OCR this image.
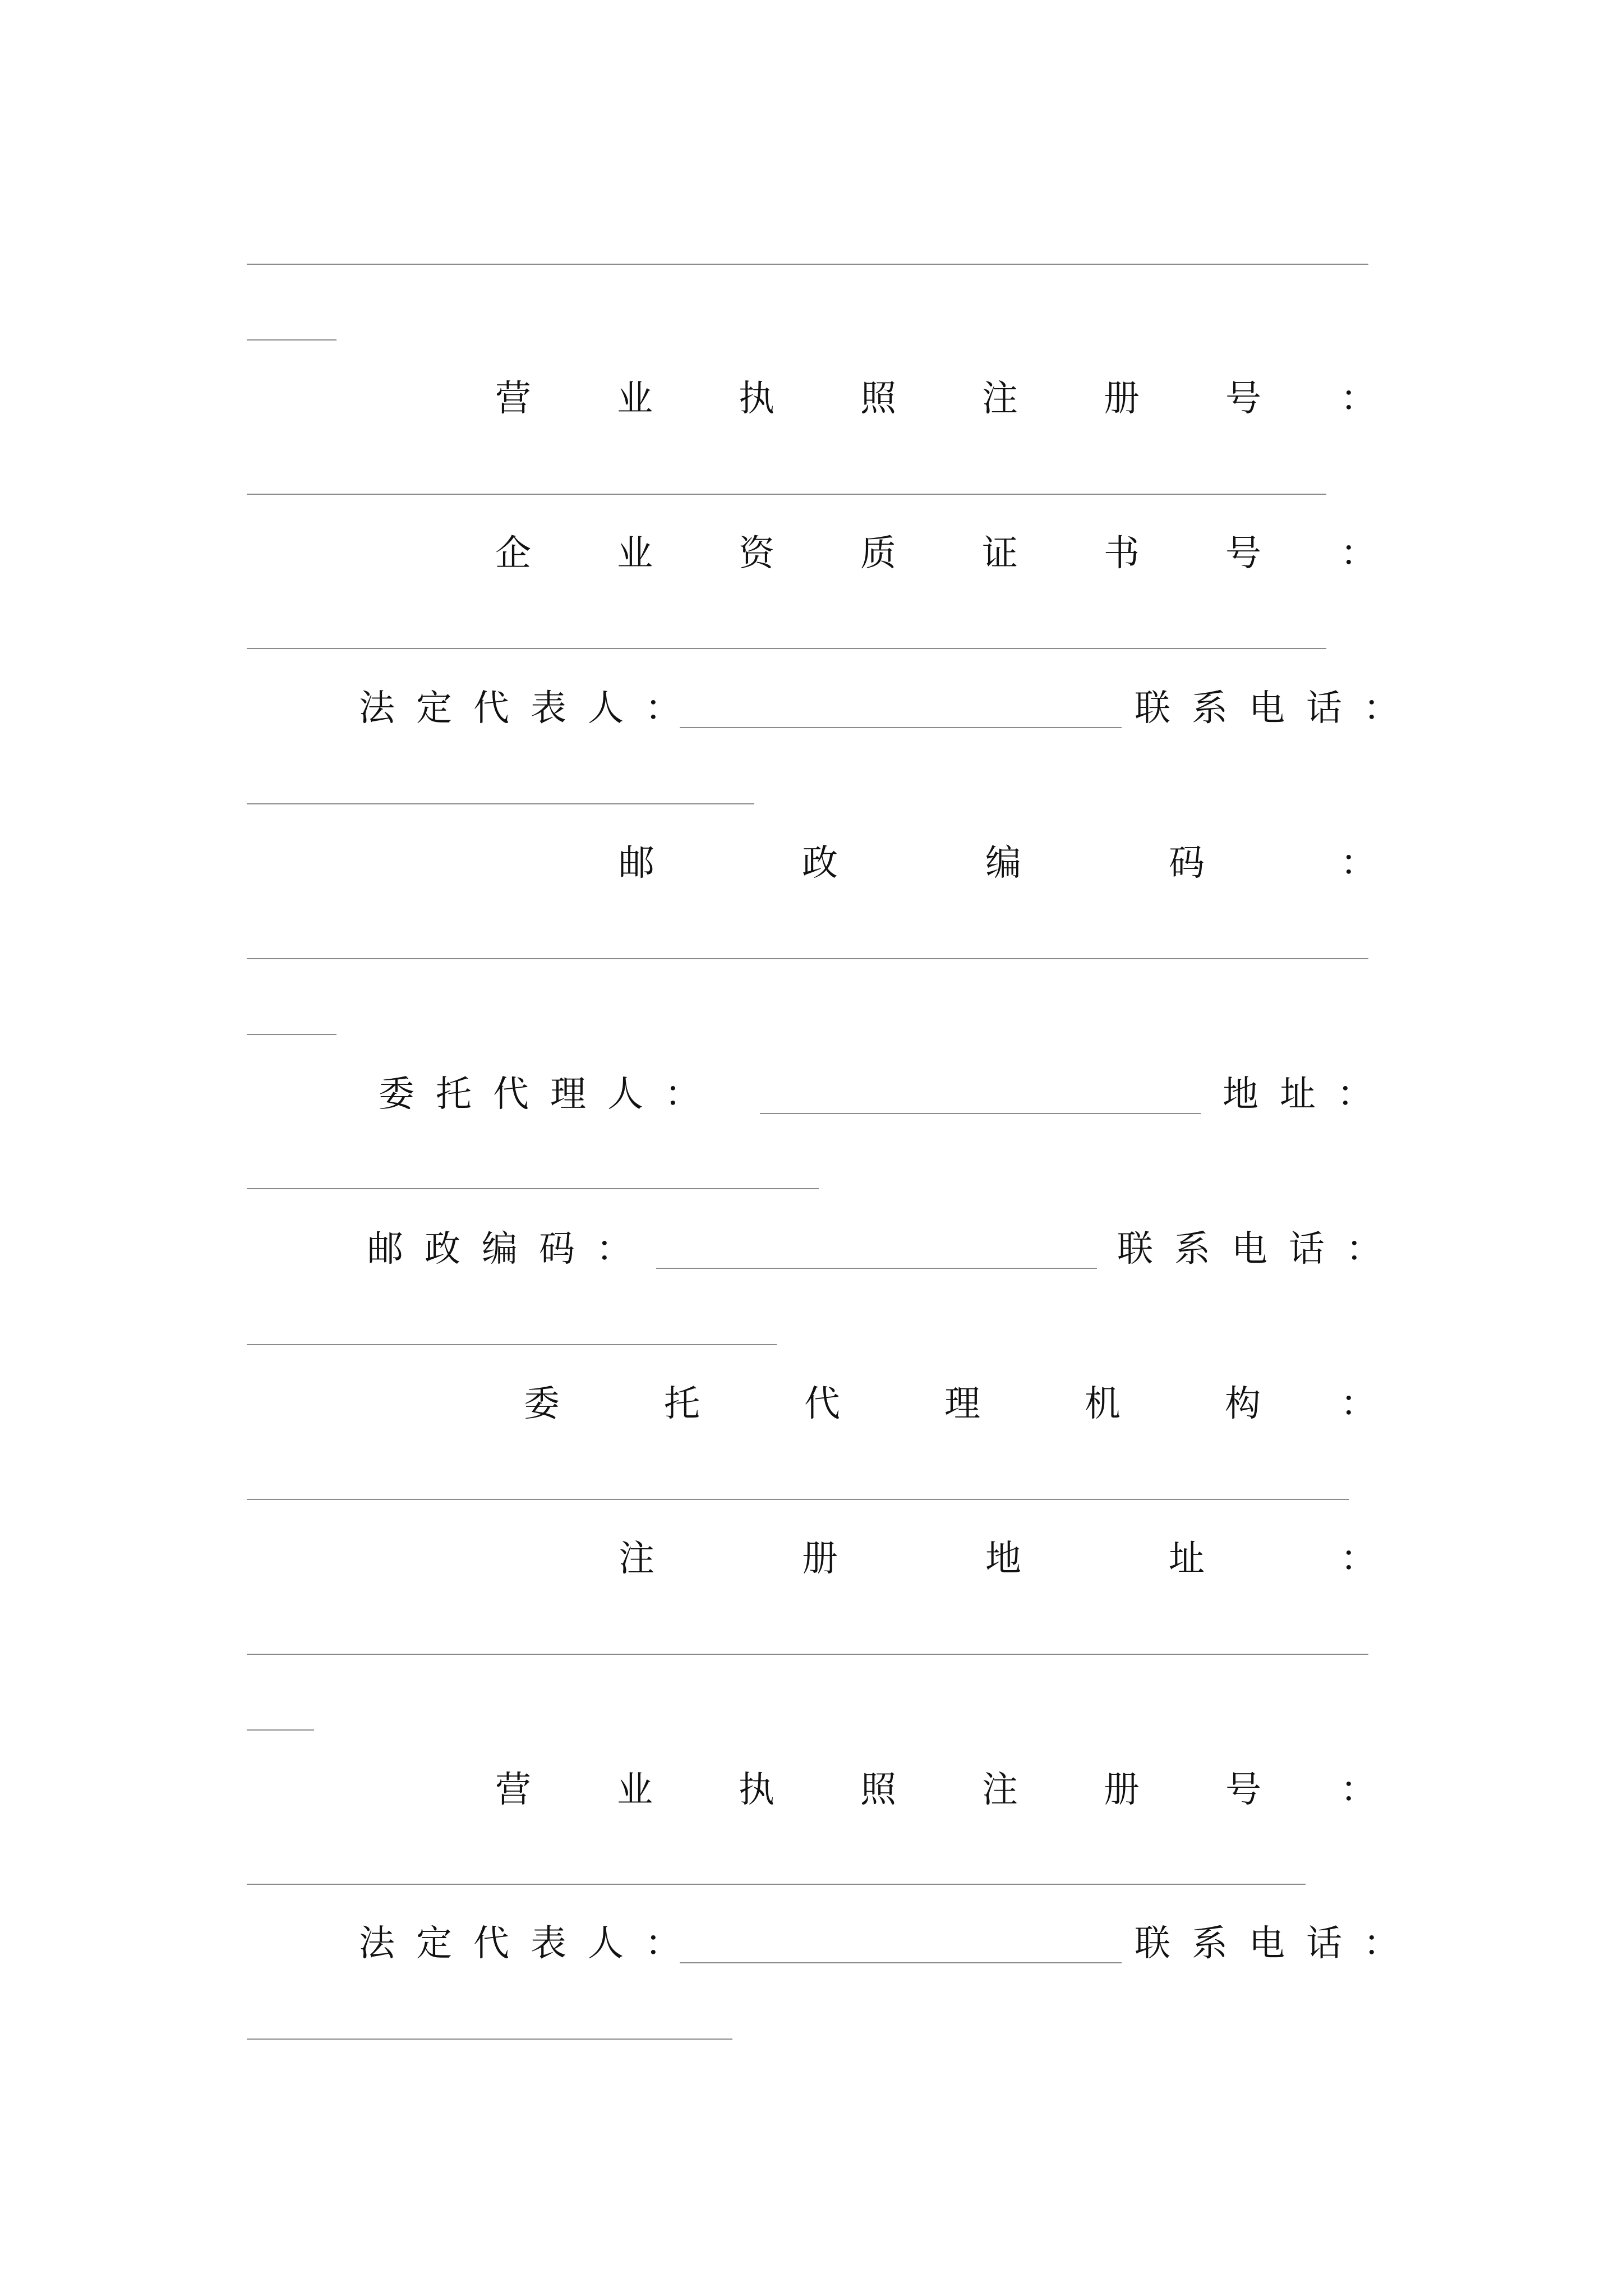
营 业 执 照 注 册 号 ：
企 业 资 质 证 书 号 ：
法定代表人：	联系电话：
邮	政	编	码	：
委托代理人：	地址：
邮政编码：	联系电话：
委	托	代	理	机	构 ：
注	册	地	址	：
营 业 执 照 注 册 号 ：
法定代表人：	联系电话：
